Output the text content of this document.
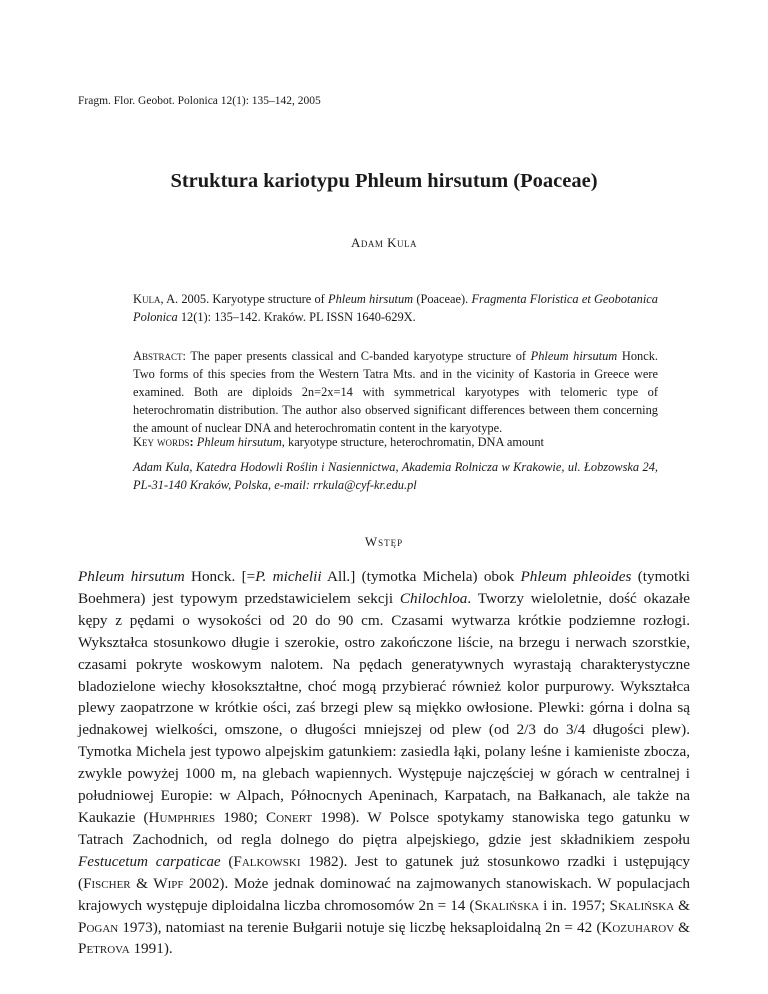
Fragm. Flor. Geobot. Polonica 12(1): 135–142, 2005
Struktura kariotypu Phleum hirsutum (Poaceae)
Adam Kula

Kula, A. 2005. Karyotype structure of Phleum hirsutum (Poaceae). Fragmenta Floristica et Geobotanica Polonica 12(1): 135–142. Kraków. PL ISSN 1640-629X.

Abstract: The paper presents classical and C-banded karyotype structure of Phleum hirsutum Honck. Two forms of this species from the Western Tatra Mts. and in the vicinity of Kastoria in Greece were examined. Both are diploids 2n=2x=14 with symmetrical karyotypes with telomeric type of heterochromatin distribution. The author also observed significant differences between them concerning the amount of nuclear DNA and heterochromatin content in the karyotype.

Key words: Phleum hirsutum, karyotype structure, heterochromatin, DNA amount

Adam Kula, Katedra Hodowli Roślin i Nasiennictwa, Akademia Rolnicza w Krakowie, ul. Łobzowska 24, PL-31-140 Kraków, Polska, e-mail: rrkula@cyf-kr.edu.pl

Wstęp

Phleum hirsutum Honck. [=P. michelii All.] (tymotka Michela) obok Phleum phleoides (tymotki Boehmera) jest typowym przedstawicielem sekcji Chilochloa. Tworzy wieloletnie, dość okazałe kępy z pędami o wysokości od 20 do 90 cm. Czasami wytwarza krótkie podziemne rozłogi. Wykształca stosunkowo długie i szerokie, ostro zakończone liście, na brzegu i nerwach szorstkie, czasami pokryte woskowym nalotem. Na pędach generatywnych wyrastają charakterystyczne bladozielone wiechy kłosokształtne, choć mogą przybierać również kolor purpurowy. Wykształca plewy zaopatrzone w krótkie ości, zaś brzegi plew są miękko owłosione. Plewki: górna i dolna są jednakowej wielkości, omszone, o długości mniejszej od plew (od 2/3 do 3/4 długości plew). Tymotka Michela jest typowo alpejskim gatunkiem: zasiedla łąki, polany leśne i kamieniste zbocza, zwykle powyżej 1000 m, na glebach wapiennych. Występuje najczęściej w górach w centralnej i południowej Europie: w Alpach, Północnych Apeninach, Karpatach, na Bałkanach, ale także na Kaukazie (Humphries 1980; Conert 1998). W Polsce spotykamy stanowiska tego gatunku w Tatrach Zachodnich, od regla dolnego do piętra alpejskiego, gdzie jest składnikiem zespołu Festucetum carpaticae (Falkowski 1982). Jest to gatunek już stosunkowo rzadki i ustępujący (Fischer & Wipf 2002). Może jednak dominować na zajmowanych stanowiskach. W populacjach krajowych występuje diploidalna liczba chromosomów 2n = 14 (Skalińska i in. 1957; Skalińska & Pogan 1973), natomiast na terenie Bułgarii notuje się liczbę heksaploidalną 2n = 42 (Kozuharov & Petrova 1991).
